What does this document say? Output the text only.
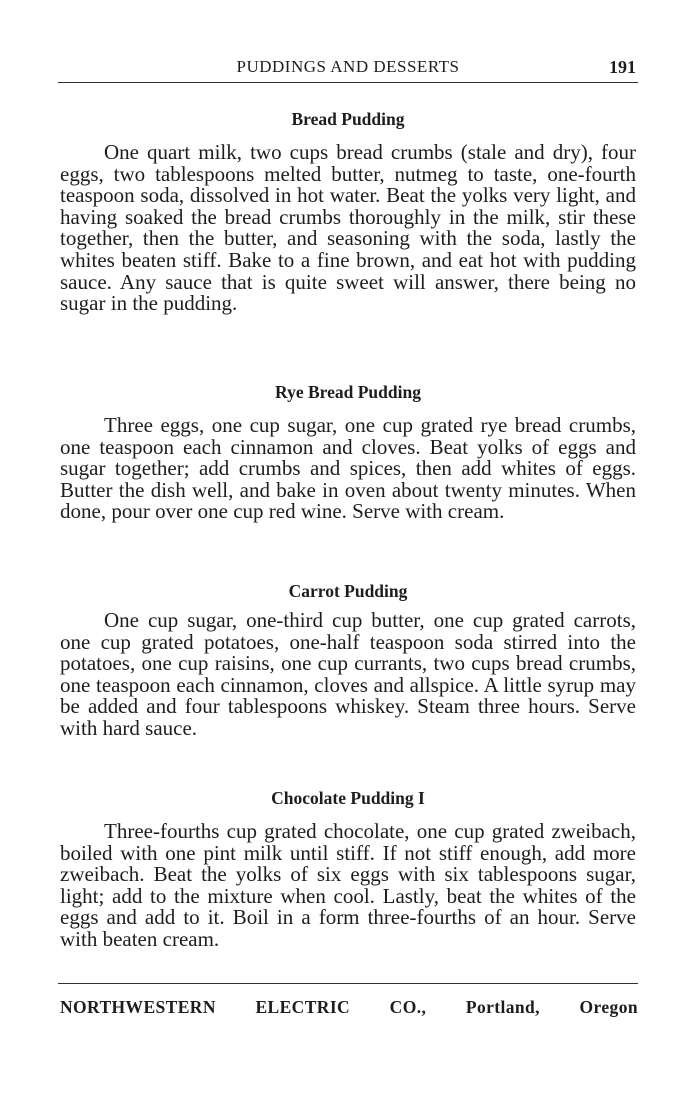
PUDDINGS AND DESSERTS	191
Bread Pudding

One quart milk, two cups bread crumbs (stale and dry), four eggs, two tablespoons melted butter, nutmeg to taste, one-fourth teaspoon soda, dissolved in hot water. Beat the yolks very light, and having soaked the bread crumbs thoroughly in the milk, stir these together, then the butter, and seasoning with the soda, lastly the whites beaten stiff. Bake to a fine brown, and eat hot with pudding sauce. Any sauce that is quite sweet will answer, there being no sugar in the pudding.

Rye Bread Pudding

Three eggs, one cup sugar, one cup grated rye bread crumbs, one teaspoon each cinnamon and cloves. Beat yolks of eggs and sugar together; add crumbs and spices, then add whites of eggs. Butter the dish well, and bake in oven about twenty minutes. When done, pour over one cup red wine. Serve with cream.

Carrot Pudding

One cup sugar, one-third cup butter, one cup grated carrots, one cup grated potatoes, one-half teaspoon soda stirred into the potatoes, one cup raisins, one cup currants, two cups bread crumbs, one teaspoon each cinnamon, cloves and allspice. A little syrup may be added and four tablespoons whiskey. Steam three hours. Serve with hard sauce.

Chocolate Pudding I

Three-fourths cup grated chocolate, one cup grated zweibach, boiled with one pint milk until stiff. If not stiff enough, add more zweibach. Beat the yolks of six eggs with six tablespoons sugar, light; add to the mixture when cool. Lastly, beat the whites of the eggs and add to it. Boil in a form three-fourths of an hour. Serve with beaten cream.

NORTHWESTERN ELECTRIC CO., Portland, Oregon
